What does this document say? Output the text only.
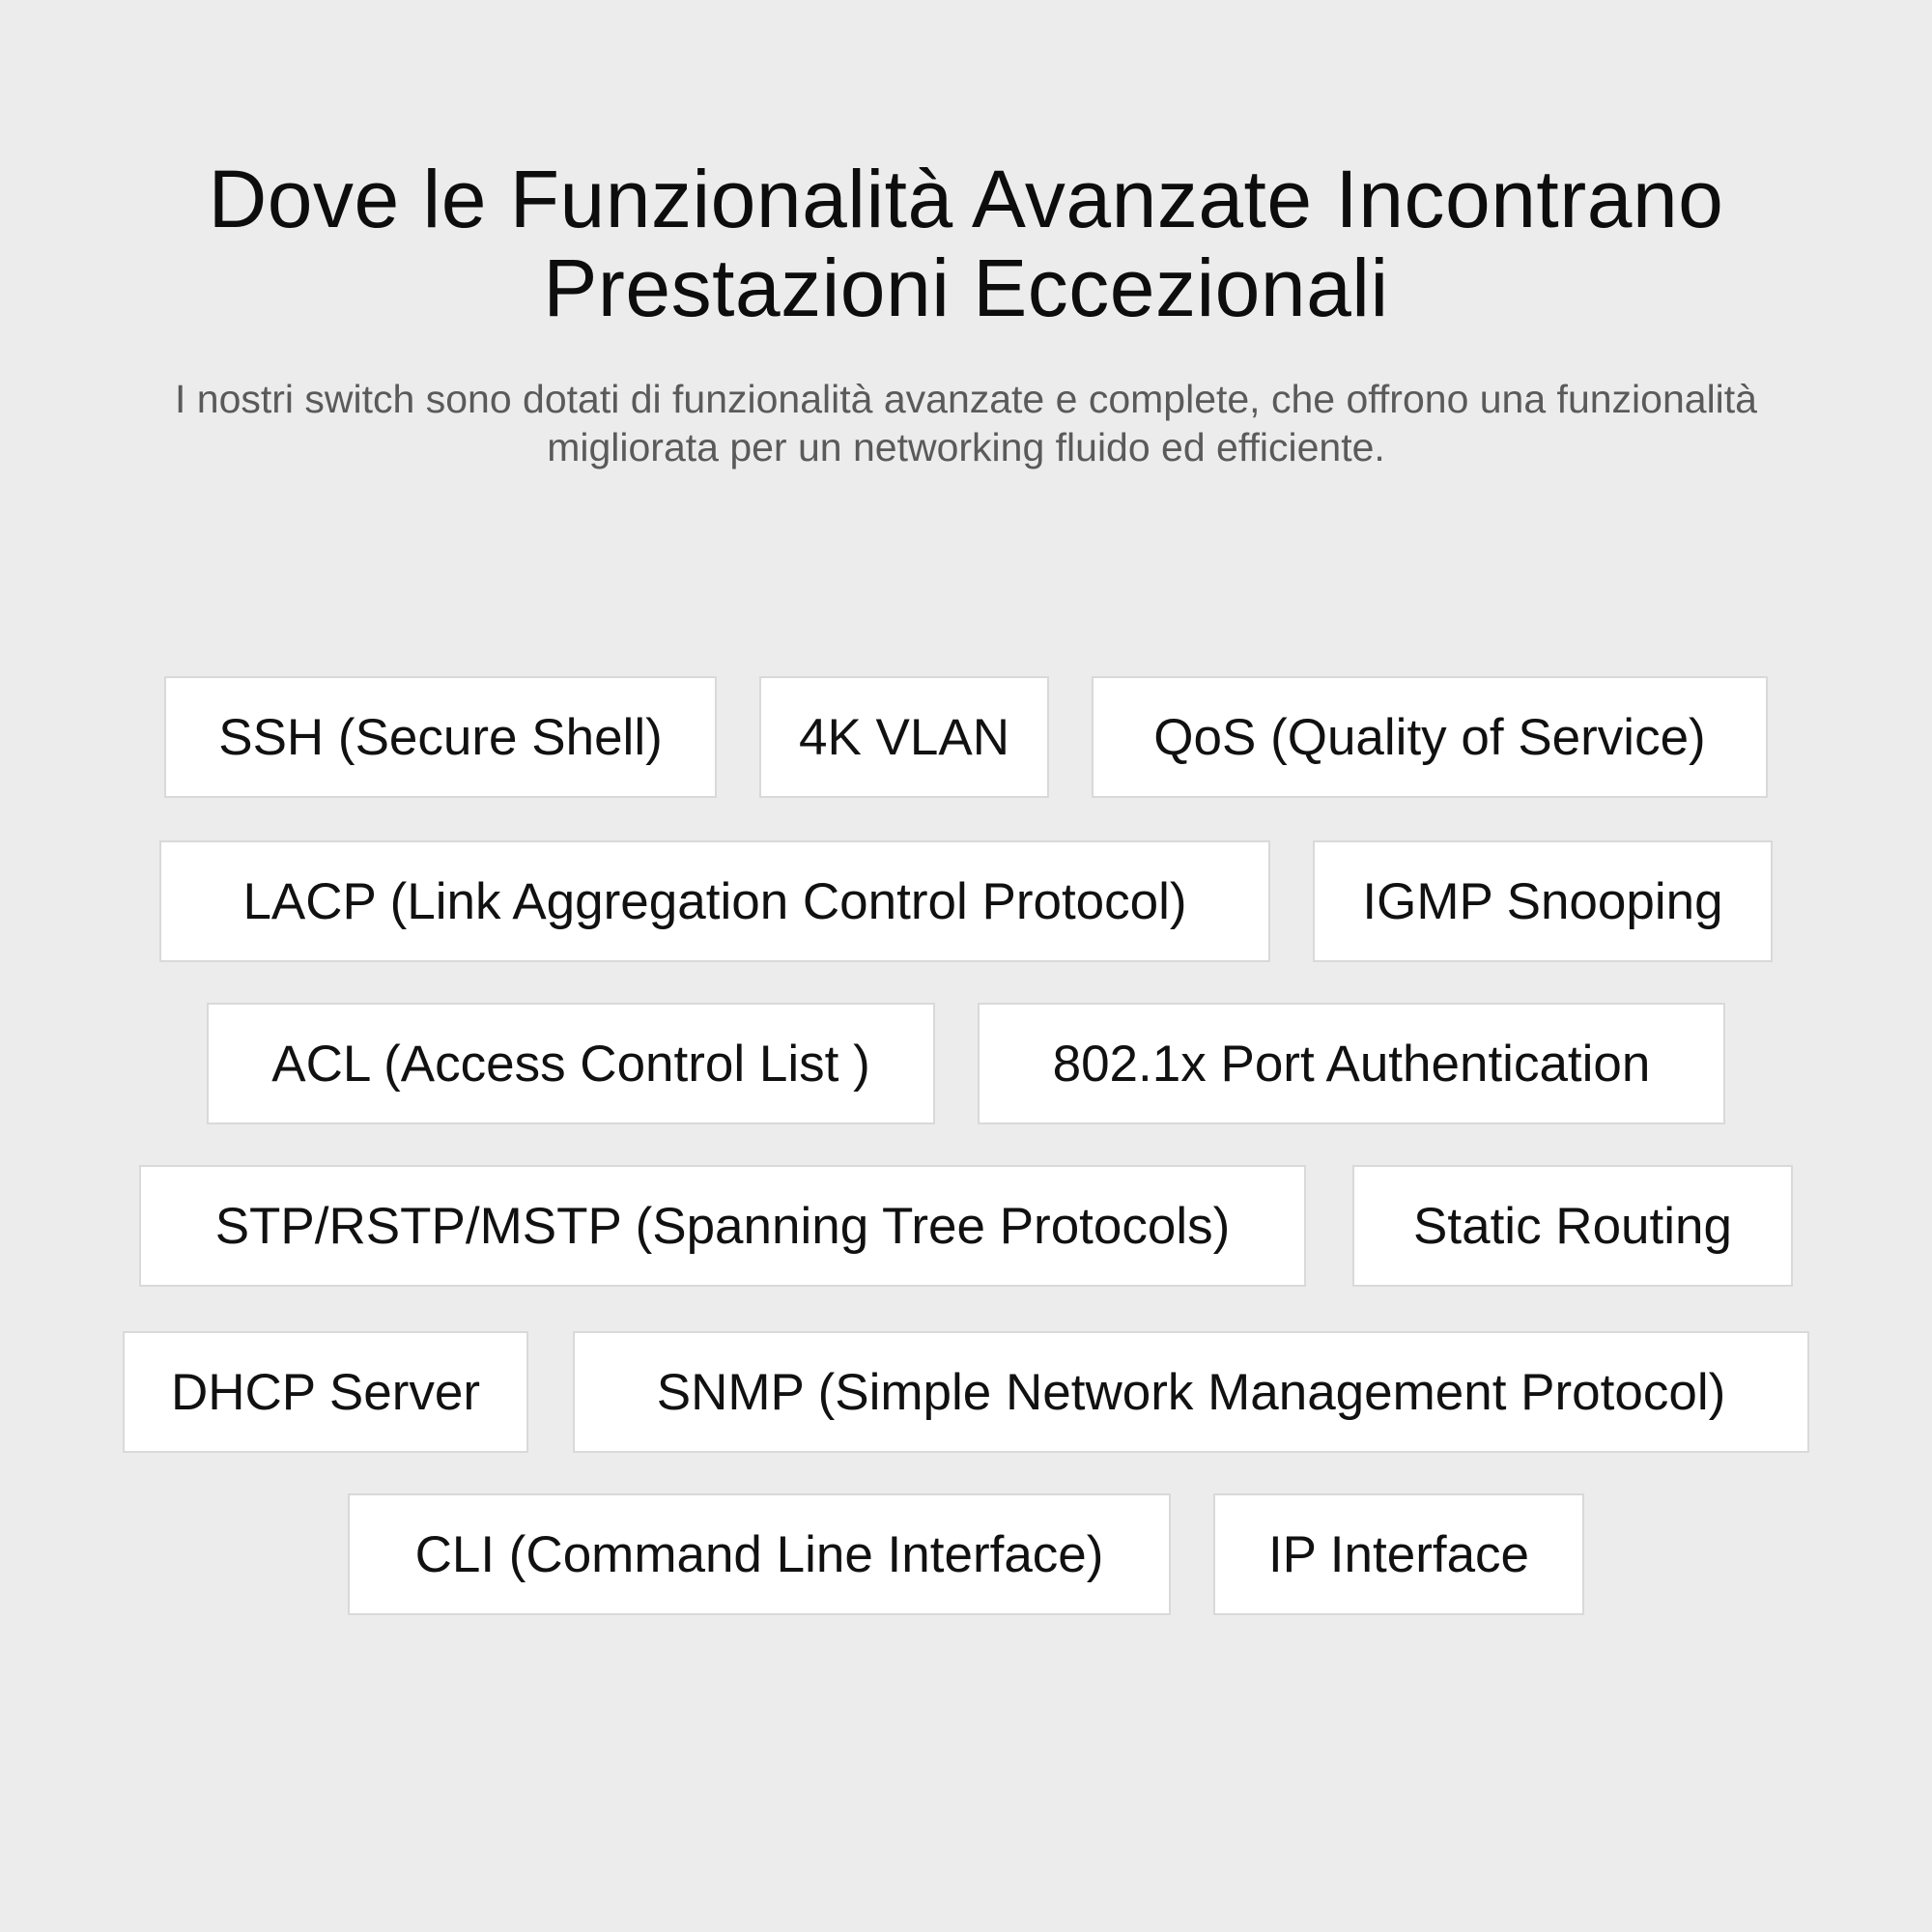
Dove le Funzionalità Avanzate Incontrano
Prestazioni Eccezionali

I nostri switch sono dotati di funzionalità avanzate e complete, che offrono una funzionalità
migliorata per un networking fluido ed efficiente.

SSH (Secure Shell)	4K VLAN	QoS (Quality of Service)
LACP (Link Aggregation Control Protocol)	IGMP Snooping
ACL (Access Control List )	802.1x Port Authentication
STP/RSTP/MSTP (Spanning Tree Protocols)	Static Routing
DHCP Server	SNMP (Simple Network Management Protocol)
CLI (Command Line Interface)	IP Interface
